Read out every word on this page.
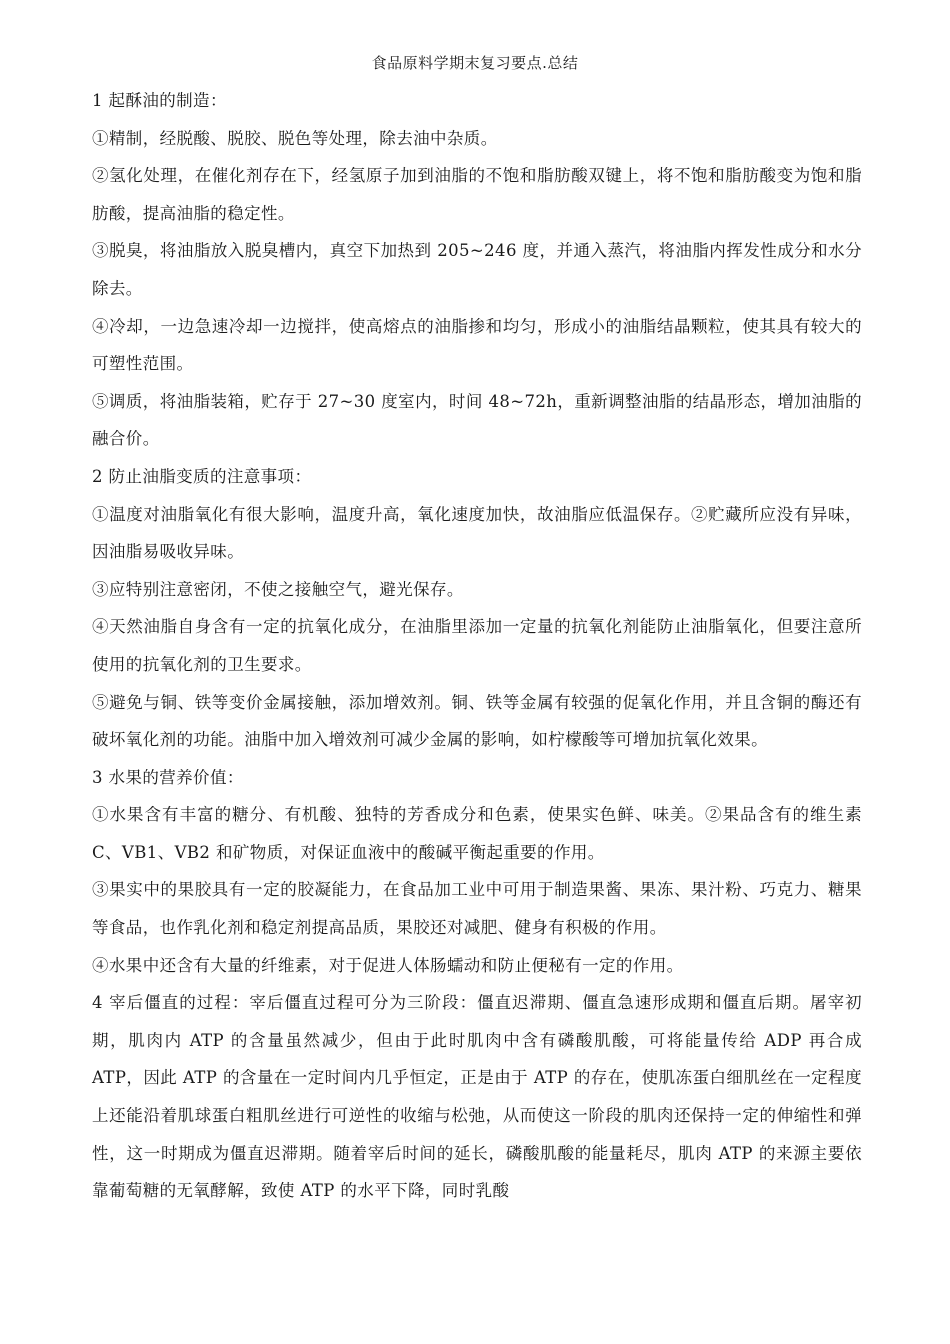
食品原料学期末复习要点.总结

1 起酥油的制造：

①精制，经脱酸、脱胶、脱色等处理，除去油中杂质。

②氢化处理，在催化剂存在下，经氢原子加到油脂的不饱和脂肪酸双键上，将不饱和脂肪酸变为饱和脂肪酸，提高油脂的稳定性。

③脱臭，将油脂放入脱臭槽内，真空下加热到 205~246 度，并通入蒸汽，将油脂内挥发性成分和水分除去。

④冷却，一边急速冷却一边搅拌，使高熔点的油脂掺和均匀，形成小的油脂结晶颗粒，使其具有较大的可塑性范围。

⑤调质，将油脂装箱，贮存于 27~30 度室内，时间 48~72h，重新调整油脂的结晶形态，增加油脂的融合价。

2 防止油脂变质的注意事项：

①温度对油脂氧化有很大影响，温度升高，氧化速度加快，故油脂应低温保存。②贮藏所应没有异味，因油脂易吸收异味。

③应特别注意密闭，不使之接触空气，避光保存。

④天然油脂自身含有一定的抗氧化成分，在油脂里添加一定量的抗氧化剂能防止油脂氧化，但要注意所使用的抗氧化剂的卫生要求。

⑤避免与铜、铁等变价金属接触，添加增效剂。铜、铁等金属有较强的促氧化作用，并且含铜的酶还有破坏氧化剂的功能。油脂中加入增效剂可减少金属的影响，如柠檬酸等可增加抗氧化效果。

3 水果的营养价值：

①水果含有丰富的糖分、有机酸、独特的芳香成分和色素，使果实色鲜、味美。②果品含有的维生素 C、VB1、VB2 和矿物质，对保证血液中的酸碱平衡起重要的作用。

③果实中的果胶具有一定的胶凝能力，在食品加工业中可用于制造果酱、果冻、果汁粉、巧克力、糖果等食品，也作乳化剂和稳定剂提高品质，果胶还对减肥、健身有积极的作用。

④水果中还含有大量的纤维素，对于促进人体肠蠕动和防止便秘有一定的作用。

4 宰后僵直的过程：宰后僵直过程可分为三阶段：僵直迟滞期、僵直急速形成期和僵直后期。屠宰初期，肌肉内 ATP 的含量虽然减少，但由于此时肌肉中含有磷酸肌酸，可将能量传给 ADP 再合成 ATP，因此 ATP 的含量在一定时间内几乎恒定，正是由于 ATP 的存在，使肌冻蛋白细肌丝在一定程度上还能沿着肌球蛋白粗肌丝进行可逆性的收缩与松弛，从而使这一阶段的肌肉还保持一定的伸缩性和弹性，这一时期成为僵直迟滞期。随着宰后时间的延长，磷酸肌酸的能量耗尽，肌肉 ATP 的来源主要依靠葡萄糖的无氧酵解，致使 ATP 的水平下降，同时乳酸
